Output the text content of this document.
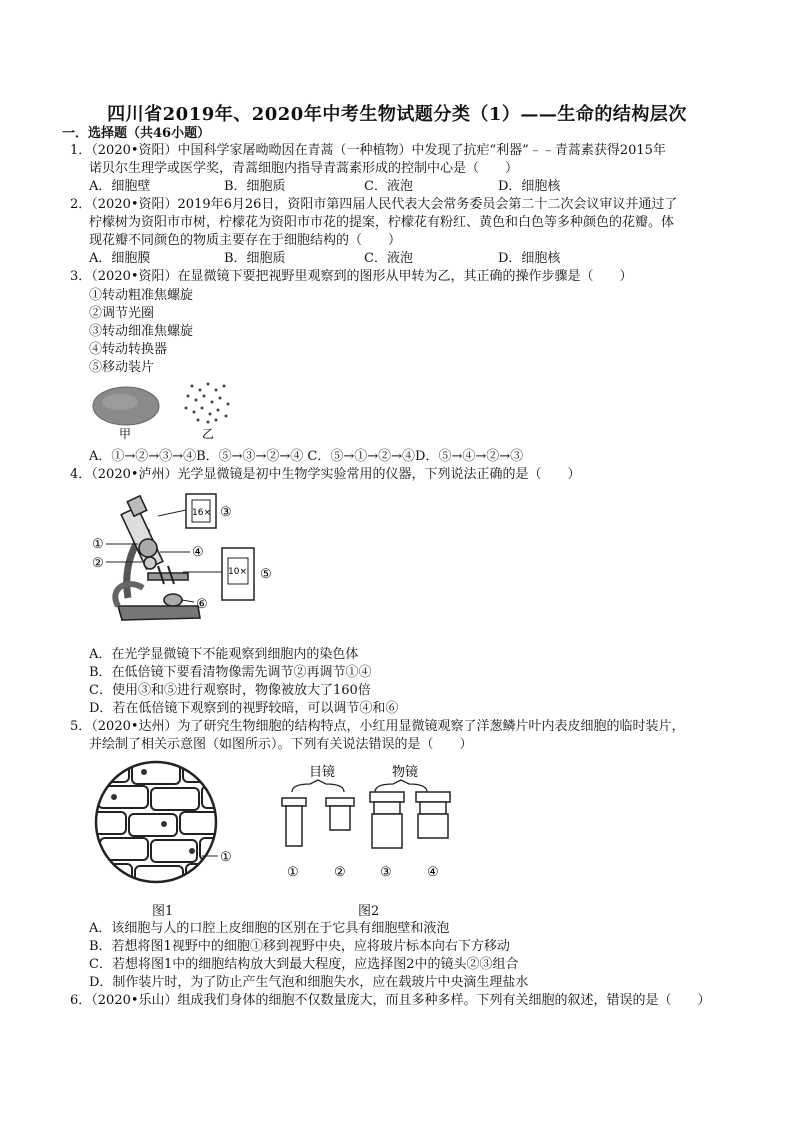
四川省2019年、2020年中考生物试题分类（1）——生命的结构层次
一．选择题（共46小题）
1．（2020•资阳）中国科学家屠呦呦因在青蒿（一种植物）中发现了抗疟“利器”﹣﹣青蒿素获得2015年
诺贝尔生理学或医学奖，青蒿细胞内指导青蒿素形成的控制中心是（　　）
A．细胞壁	B．细胞质	C．液泡	D．细胞核
2．（2020•资阳）2019年6月26日，资阳市第四届人民代表大会常务委员会第二十二次会议审议并通过了
柠檬树为资阳市市树，柠檬花为资阳市市花的提案，柠檬花有粉红、黄色和白色等多种颜色的花瓣。体
现花瓣不同颜色的物质主要存在于细胞结构的（　　）
A．细胞膜	B．细胞质	C．液泡	D．细胞核
3．（2020•资阳）在显微镜下要把视野里观察到的图形从甲转为乙，其正确的操作步骤是（　　）
①转动粗准焦螺旋
②调节光圈
③转动细准焦螺旋
④转动转换器
⑤移动装片
甲	乙
A．①→②→③→④B．⑤→③→②→④ C．⑤→①→②→④D．⑤→④→②→③
4．（2020•泸州）光学显微镜是初中生物学实验常用的仪器，下列说法正确的是（　　）
16×
10×
①
②
③
④
⑤
⑥
A．在光学显微镜下不能观察到细胞内的染色体
B．在低倍镜下要看清物像需先调节②再调节①④
C．使用③和⑤进行观察时，物像被放大了160倍
D．若在低倍镜下观察到的视野较暗，可以调节④和⑥
5．（2020•达州）为了研究生物细胞的结构特点，小红用显微镜观察了洋葱鳞片叶内表皮细胞的临时装片，
并绘制了相关示意图（如图所示）。下列有关说法错误的是（　　）
①
图1
目镜	物镜
①	②	③	④
图2
A．该细胞与人的口腔上皮细胞的区别在于它具有细胞壁和液泡
B．若想将图1视野中的细胞①移到视野中央，应将玻片标本向右下方移动
C．若想将图1中的细胞结构放大到最大程度，应选择图2中的镜头②③组合
D．制作装片时，为了防止产生气泡和细胞失水，应在载玻片中央滴生理盐水
6．（2020•乐山）组成我们身体的细胞不仅数量庞大，而且多种多样。下列有关细胞的叙述，错误的是（　　）
